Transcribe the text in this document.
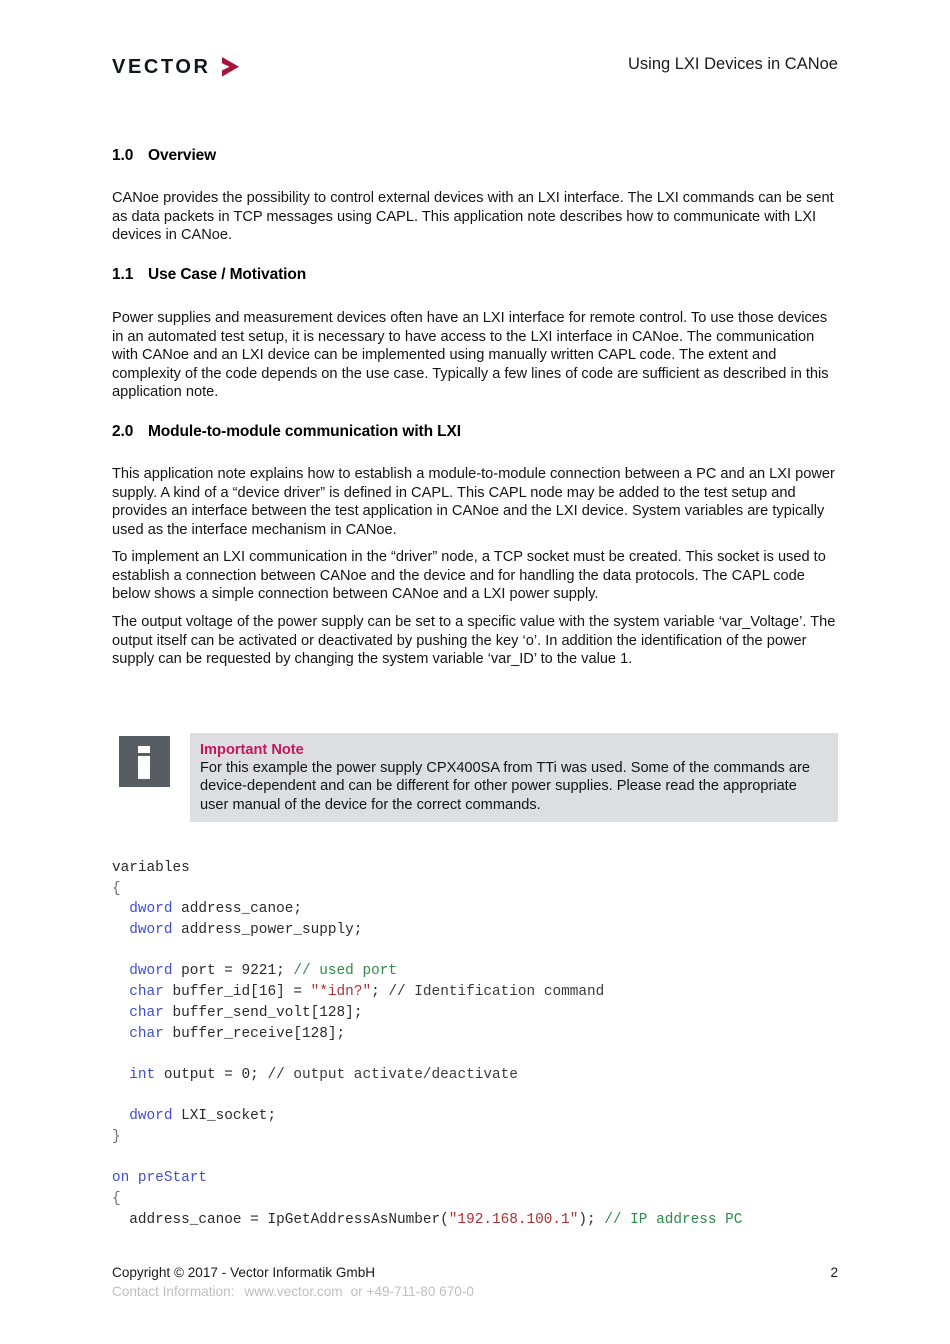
VECTOR	Using LXI Devices in CANoe
1.0 Overview

CANoe provides the possibility to control external devices with an LXI interface. The LXI commands can be sent as data packets in TCP messages using CAPL. This application note describes how to communicate with LXI devices in CANoe.

1.1 Use Case / Motivation

Power supplies and measurement devices often have an LXI interface for remote control. To use those devices in an automated test setup, it is necessary to have access to the LXI interface in CANoe. The communication with CANoe and an LXI device can be implemented using manually written CAPL code. The extent and complexity of the code depends on the use case. Typically a few lines of code are sufficient as described in this application note.

2.0 Module-to-module communication with LXI

This application note explains how to establish a module-to-module connection between a PC and an LXI power supply. A kind of a “device driver” is defined in CAPL. This CAPL node may be added to the test setup and provides an interface between the test application in CANoe and the LXI device. System variables are typically used as the interface mechanism in CANoe.

To implement an LXI communication in the “driver” node, a TCP socket must be created. This socket is used to establish a connection between CANoe and the device and for handling the data protocols. The CAPL code below shows a simple connection between CANoe and a LXI power supply.

The output voltage of the power supply can be set to a specific value with the system variable ‘var_Voltage’. The output itself can be activated or deactivated by pushing the key ‘o’. In addition the identification of the power supply can be requested by changing the system variable ‘var_ID’ to the value 1.

Important Note
For this example the power supply CPX400SA from TTi was used. Some of the commands are device-dependent and can be different for other power supplies. Please read the appropriate user manual of the device for the correct commands.
variables
{
dword address_canoe;
dword address_power_supply;

dword port = 9221; // used port
char buffer_id[16] = "*idn?"; // Identification command
char buffer_send_volt[128];
char buffer_receive[128];

int output = 0; // output activate/deactivate

dword LXI_socket;
}

on preStart
{
address_canoe = IpGetAddressAsNumber("192.168.100.1"); // IP address PC
Copyright © 2017 - Vector Informatik GmbH
Contact Information: www.vector.com or +49-711-80 670-0
2
